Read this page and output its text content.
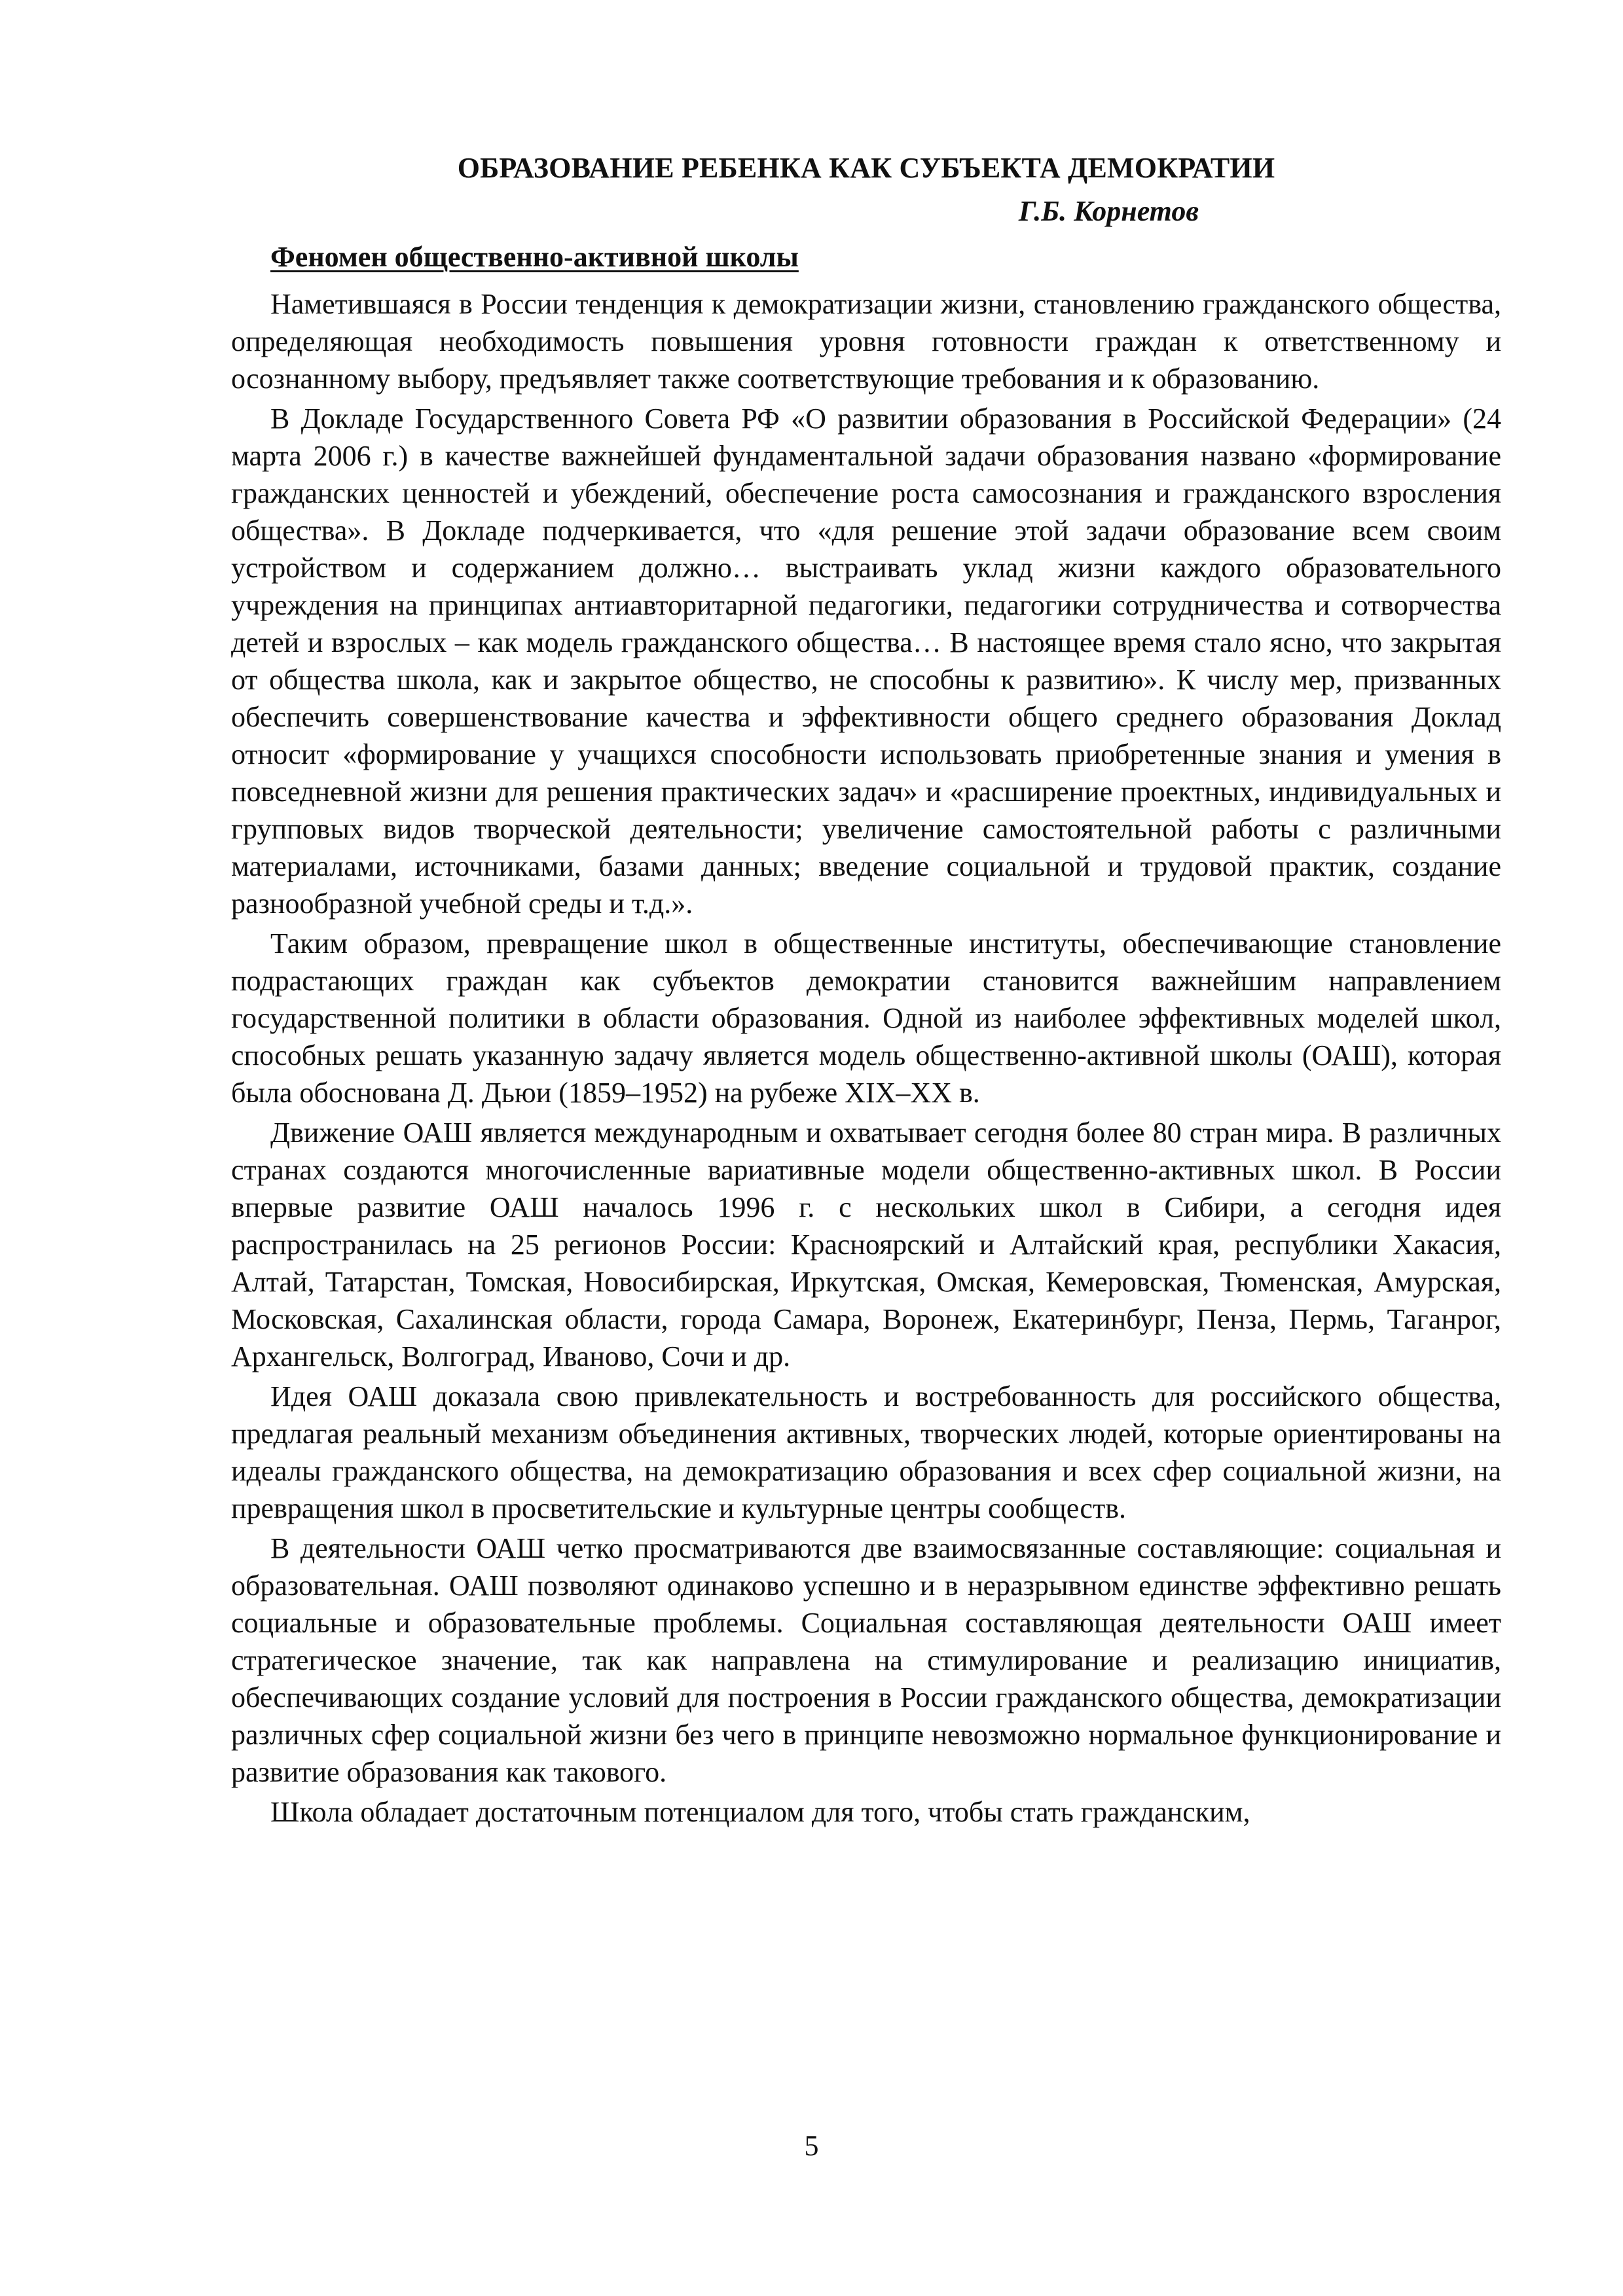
ОБРАЗОВАНИЕ РЕБЕНКА КАК СУБЪЕКТА ДЕМОКРАТИИ
Г.Б. Корнетов
Феномен общественно-активной школы

Наметившаяся в России тенденция к демократизации жизни, становлению гражданского общества, определяющая необходимость повышения уровня готовности граждан к ответственному и осознанному выбору, предъявляет также соответствующие требования и к образованию.

В Докладе Государственного Совета РФ «О развитии образования в Российской Федерации» (24 марта 2006 г.) в качестве важнейшей фундаментальной задачи образования названо «формирование гражданских ценностей и убеждений, обеспечение роста самосознания и гражданского взросления общества». В Докладе подчеркивается, что «для решение этой задачи образование всем своим устройством и содержанием должно… выстраивать уклад жизни каждого образовательного учреждения на принципах антиавторитарной педагогики, педагогики сотрудничества и сотворчества детей и взрослых – как модель гражданского общества… В настоящее время стало ясно, что закрытая от общества школа, как и закрытое общество, не способны к развитию». К числу мер, призванных обеспечить совершенствование качества и эффективности общего среднего образования Доклад относит «формирование у учащихся способности использовать приобретенные знания и умения в повседневной жизни для решения практических задач» и «расширение проектных, индивидуальных и групповых видов творческой деятельности; увеличение самостоятельной работы с различными материалами, источниками, базами данных; введение социальной и трудовой практик, создание разнообразной учебной среды и т.д.».

Таким образом, превращение школ в общественные институты, обеспечивающие становление подрастающих граждан как субъектов демократии становится важнейшим направлением государственной политики в области образования. Одной из наиболее эффективных моделей школ, способных решать указанную задачу является модель общественно-активной школы (ОАШ), которая была обоснована Д. Дьюи (1859–1952) на рубеже XIX–XX в.

Движение ОАШ является международным и охватывает сегодня более 80 стран мира. В различных странах создаются многочисленные вариативные модели общественно-активных школ. В России впервые развитие ОАШ началось 1996 г. с нескольких школ в Сибири, а сегодня идея распространилась на 25 регионов России: Красноярский и Алтайский края, республики Хакасия, Алтай, Татарстан, Томская, Новосибирская, Иркутская, Омская, Кемеровская, Тюменская, Амурская, Московская, Сахалинская области, города Самара, Воронеж, Екатеринбург, Пенза, Пермь, Таганрог, Архангельск, Волгоград, Иваново, Сочи и др.

Идея ОАШ доказала свою привлекательность и востребованность для российского общества, предлагая реальный механизм объединения активных, творческих людей, которые ориентированы на идеалы гражданского общества, на демократизацию образования и всех сфер социальной жизни, на превращения школ в просветительские и культурные центры сообществ.

В деятельности ОАШ четко просматриваются две взаимосвязанные составляющие: социальная и образовательная. ОАШ позволяют одинаково успешно и в неразрывном единстве эффективно решать социальные и образовательные проблемы. Социальная составляющая деятельности ОАШ имеет стратегическое значение, так как направлена на стимулирование и реализацию инициатив, обеспечивающих создание условий для построения в России гражданского общества, демократизации различных сфер социальной жизни без чего в принципе невозможно нормальное функционирование и развитие образования как такового.

Школа обладает достаточным потенциалом для того, чтобы стать гражданским,

5
